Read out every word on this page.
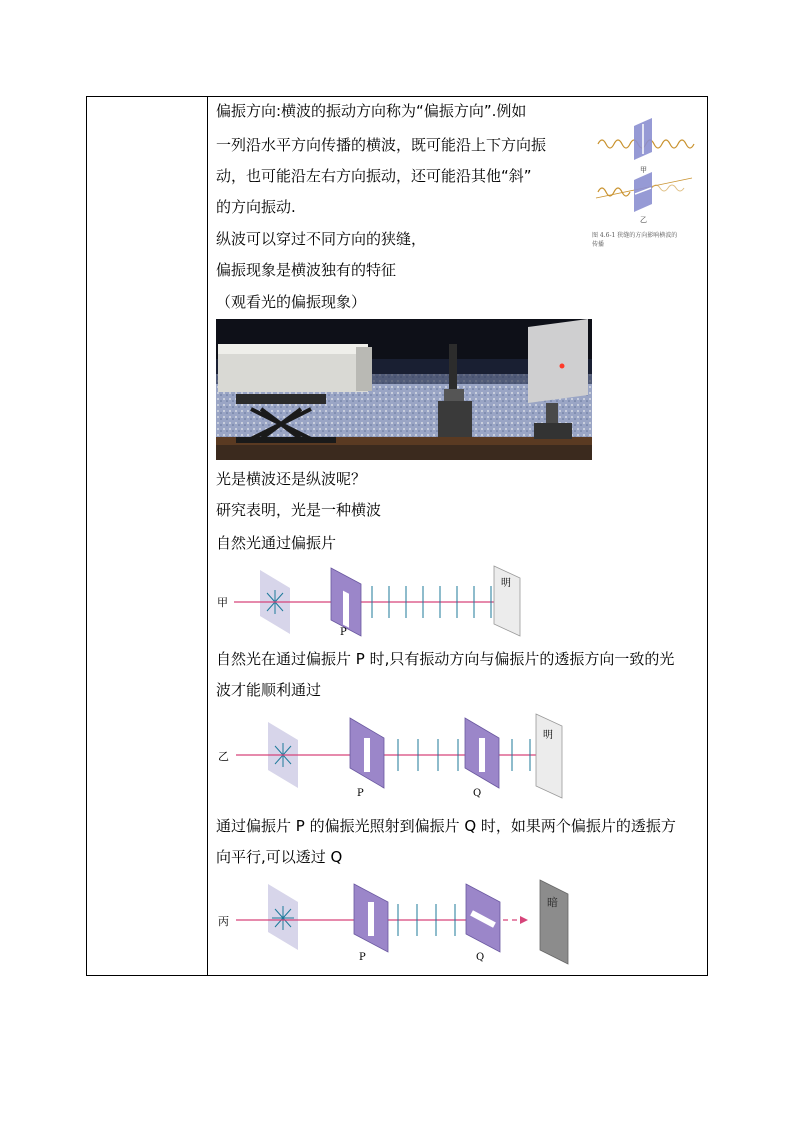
偏振方向:横波的振动方向称为“偏振方向”.例如
一列沿水平方向传播的横波，既可能沿上下方向振
动，也可能沿左右方向振动，还可能沿其他“斜”
的方向振动.
纵波可以穿过不同方向的狭缝，
偏振现象是横波独有的特征
（观看光的偏振现象）
光是横波还是纵波呢？
研究表明，光是一种横波
自然光通过偏振片
自然光在通过偏振片 P 时,只有振动方向与偏振片的透振方向一致的光
波才能顺利通过
通过偏振片 P 的偏振光照射到偏振片 Q 时，如果两个偏振片的透振方
向平行,可以透过 Q
甲
乙
图 4.6-1 狭缝的方向影响横波的
传播
甲
P
明
乙
P	Q
明
丙
P	Q
暗
